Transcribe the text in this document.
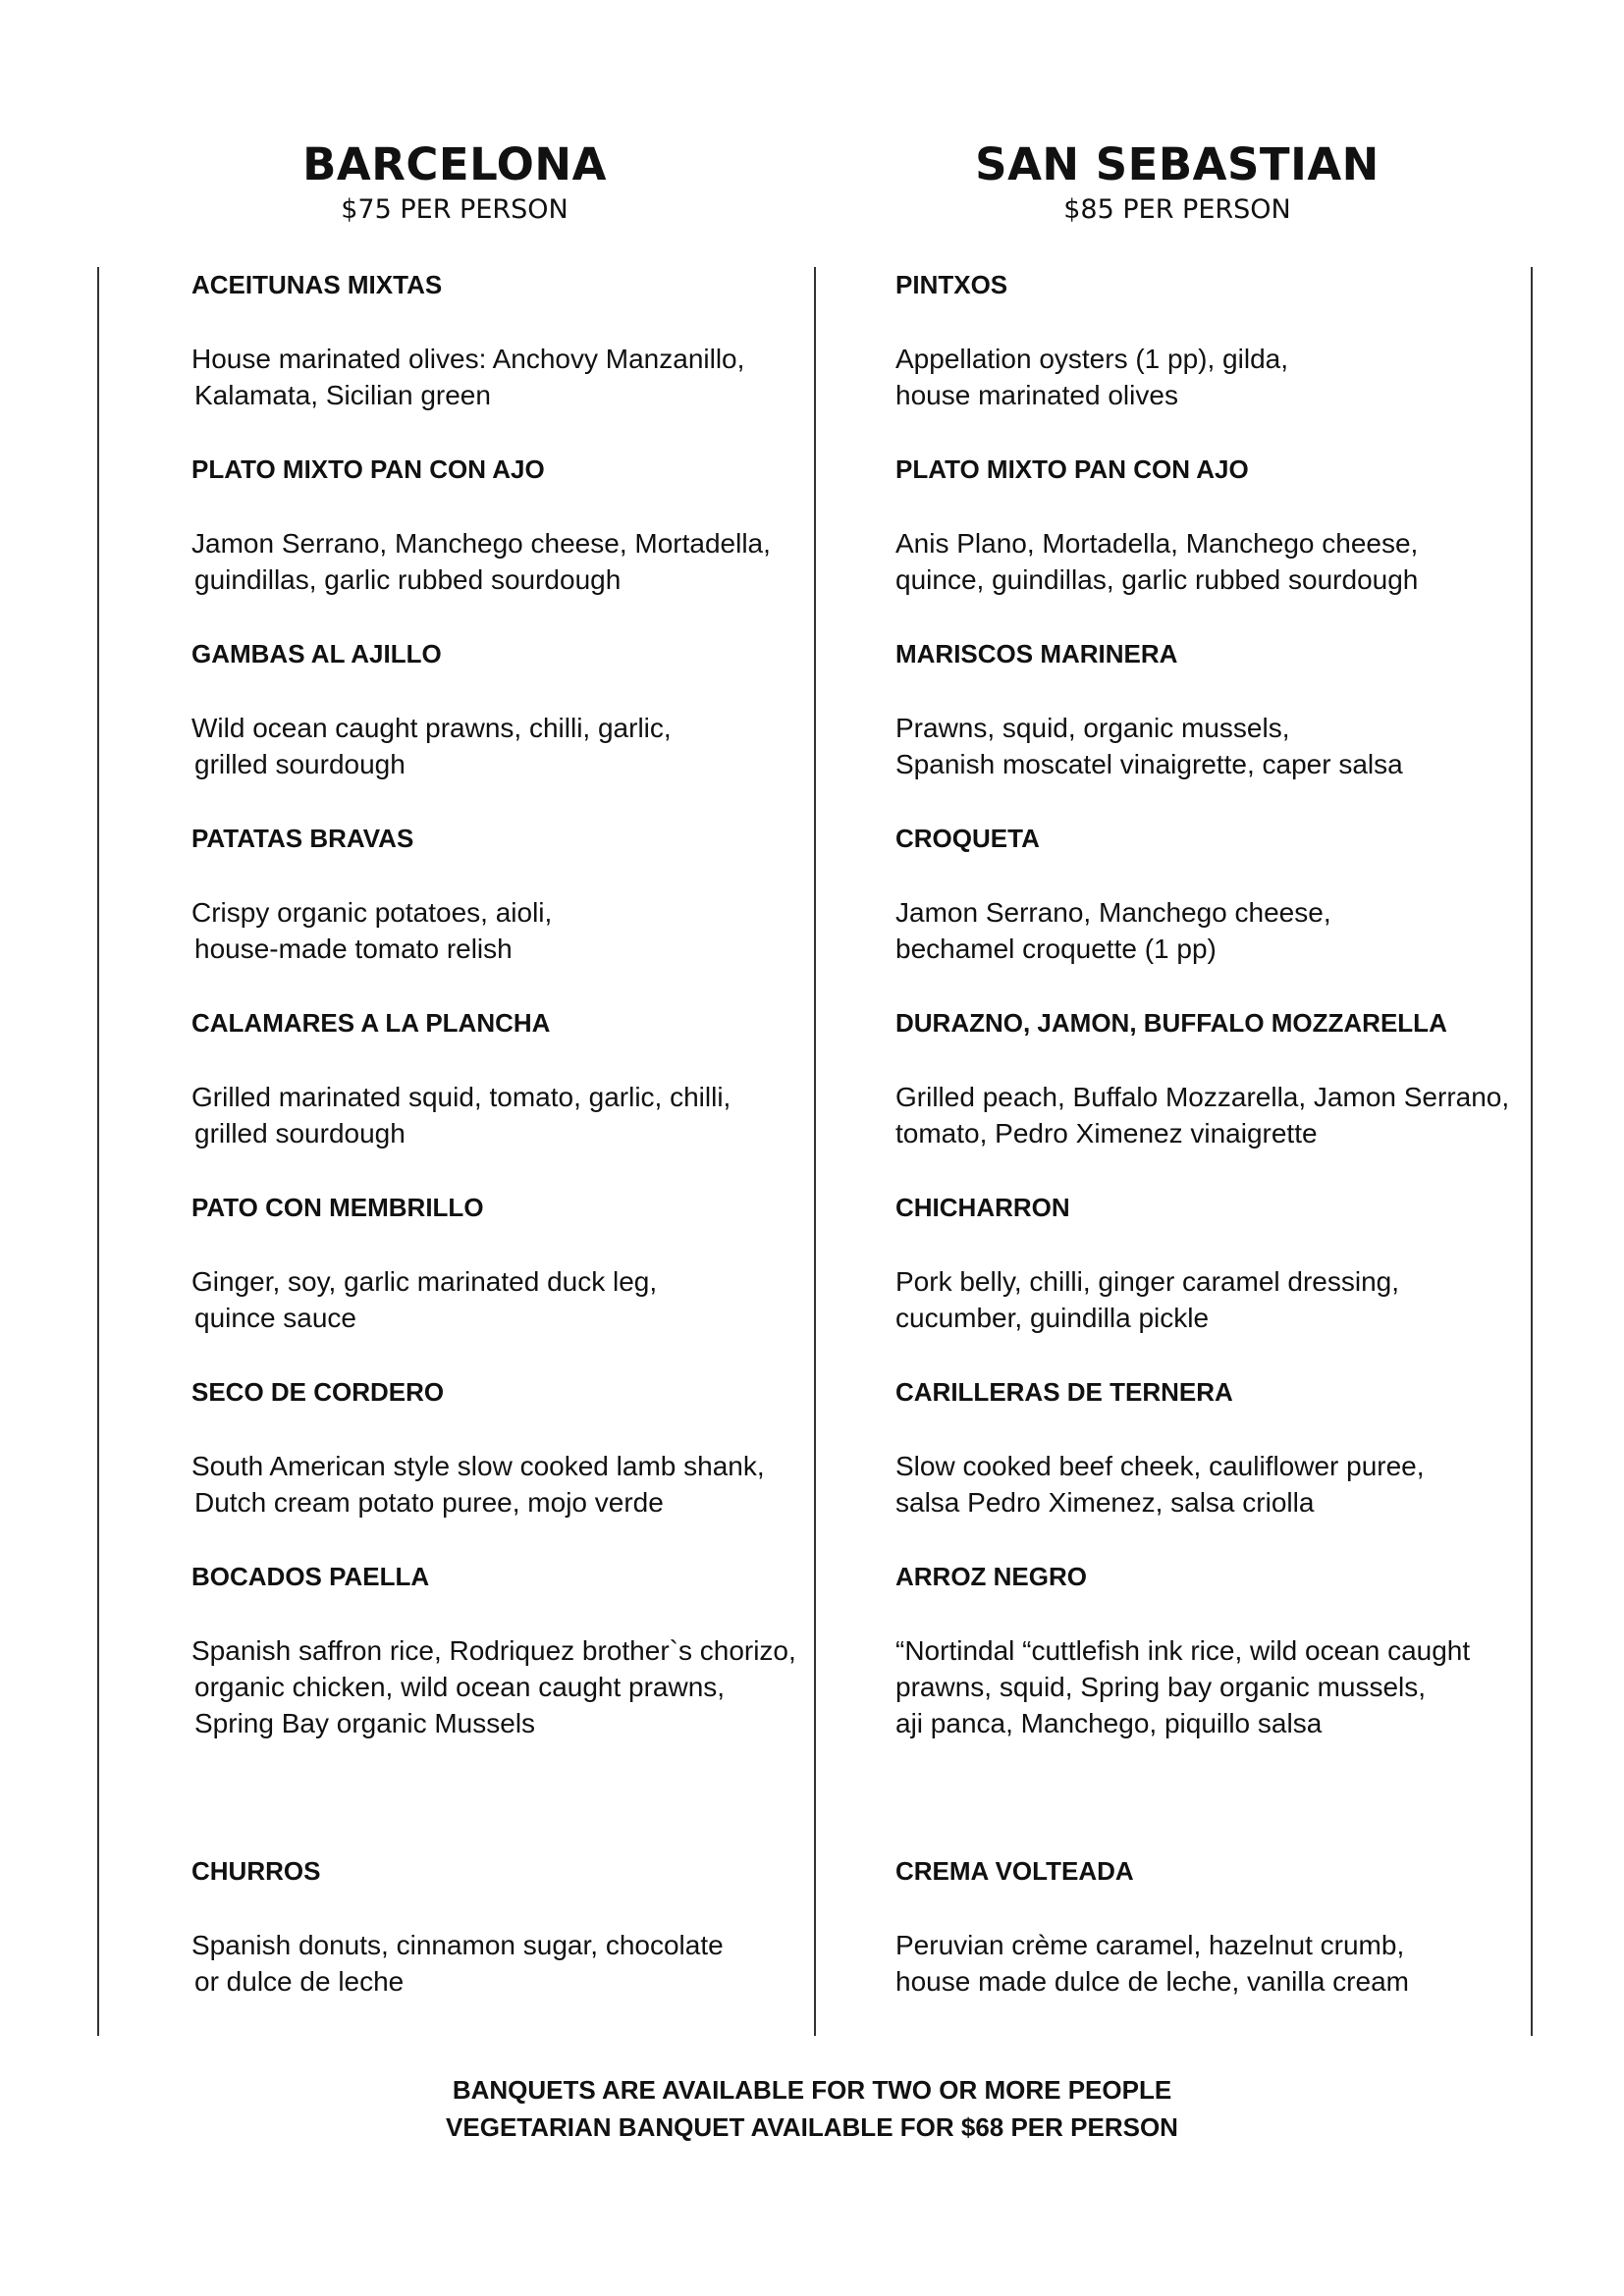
BARCELONA
$75 PER PERSON
SAN SEBASTIAN
$85 PER PERSON
ACEITUNAS MIXTAS
House marinated olives: Anchovy Manzanillo,
Kalamata, Sicilian green
PLATO MIXTO PAN CON AJO
Jamon Serrano, Manchego cheese, Mortadella,
guindillas, garlic rubbed sourdough
GAMBAS AL AJILLO
Wild ocean caught prawns, chilli, garlic,
grilled sourdough
PATATAS BRAVAS
Crispy organic potatoes, aioli,
house-made tomato relish
CALAMARES A LA PLANCHA
Grilled marinated squid, tomato, garlic, chilli,
grilled sourdough
PATO CON MEMBRILLO
Ginger, soy, garlic marinated duck leg,
quince sauce
SECO DE CORDERO
South American style slow cooked lamb shank,
Dutch cream potato puree, mojo verde
BOCADOS PAELLA
Spanish saffron rice, Rodriquez brother`s chorizo,
organic chicken, wild ocean caught prawns,
Spring Bay organic Mussels
CHURROS
Spanish donuts, cinnamon sugar, chocolate
or dulce de leche
PINTXOS
Appellation oysters (1 pp), gilda,
house marinated olives
PLATO MIXTO PAN CON AJO
Anis Plano, Mortadella, Manchego cheese,
quince, guindillas, garlic rubbed sourdough
MARISCOS MARINERA
Prawns, squid, organic mussels,
Spanish moscatel vinaigrette, caper salsa
CROQUETA
Jamon Serrano, Manchego cheese,
bechamel croquette (1 pp)
DURAZNO, JAMON, BUFFALO MOZZARELLA
Grilled peach, Buffalo Mozzarella, Jamon Serrano,
tomato, Pedro Ximenez vinaigrette
CHICHARRON
Pork belly, chilli, ginger caramel dressing,
cucumber, guindilla pickle
CARILLERAS DE TERNERA
Slow cooked beef cheek, cauliflower puree,
salsa Pedro Ximenez, salsa criolla
ARROZ NEGRO
“Nortindal “cuttlefish ink rice, wild ocean caught
prawns, squid, Spring bay organic mussels,
aji panca, Manchego, piquillo salsa
CREMA VOLTEADA
Peruvian crème caramel, hazelnut crumb,
house made dulce de leche, vanilla cream
BANQUETS ARE AVAILABLE FOR TWO OR MORE PEOPLE
VEGETARIAN BANQUET AVAILABLE FOR $68 PER PERSON
